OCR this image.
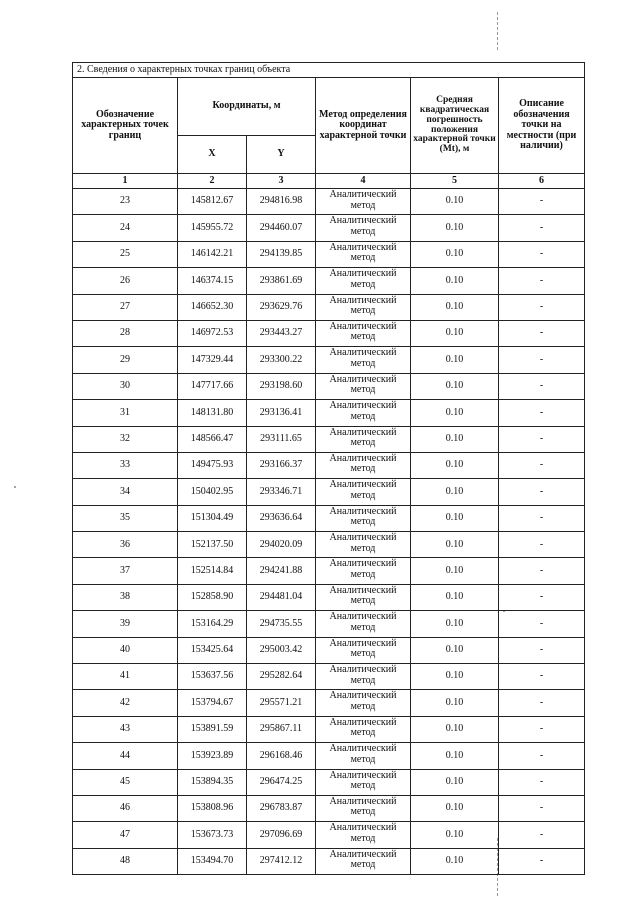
2. Сведения о характерных точках границ объекта					
Обозначение характерных точек границ	Координаты, м		Метод определения координат характерной точки	Средняя квадратическая погрешность положения характерной точки (Mt), м	Описание обозначения точки на местности (при наличии)
	X	Y			
1	2	3	4	5	6
23	145812.67	294816.98	Аналитический метод	0.10	-
24	145955.72	294460.07	Аналитический метод	0.10	-
25	146142.21	294139.85	Аналитический метод	0.10	-
26	146374.15	293861.69	Аналитический метод	0.10	-
27	146652.30	293629.76	Аналитический метод	0.10	-
28	146972.53	293443.27	Аналитический метод	0.10	-
29	147329.44	293300.22	Аналитический метод	0.10	-
30	147717.66	293198.60	Аналитический метод	0.10	-
31	148131.80	293136.41	Аналитический метод	0.10	-
32	148566.47	293111.65	Аналитический метод	0.10	-
33	149475.93	293166.37	Аналитический метод	0.10	-
34	150402.95	293346.71	Аналитический метод	0.10	-
35	151304.49	293636.64	Аналитический метод	0.10	-
36	152137.50	294020.09	Аналитический метод	0.10	-
37	152514.84	294241.88	Аналитический метод	0.10	-
38	152858.90	294481.04	Аналитический метод	0.10	-
39	153164.29	294735.55	Аналитический метод	0.10	-
40	153425.64	295003.42	Аналитический метод	0.10	-
41	153637.56	295282.64	Аналитический метод	0.10	-
42	153794.67	295571.21	Аналитический метод	0.10	-
43	153891.59	295867.11	Аналитический метод	0.10	-
44	153923.89	296168.46	Аналитический метод	0.10	-
45	153894.35	296474.25	Аналитический метод	0.10	-
46	153808.96	296783.87	Аналитический метод	0.10	-
47	153673.73	297096.69	Аналитический метод	0.10	-
48	153494.70	297412.12	Аналитический метод	0.10	-
